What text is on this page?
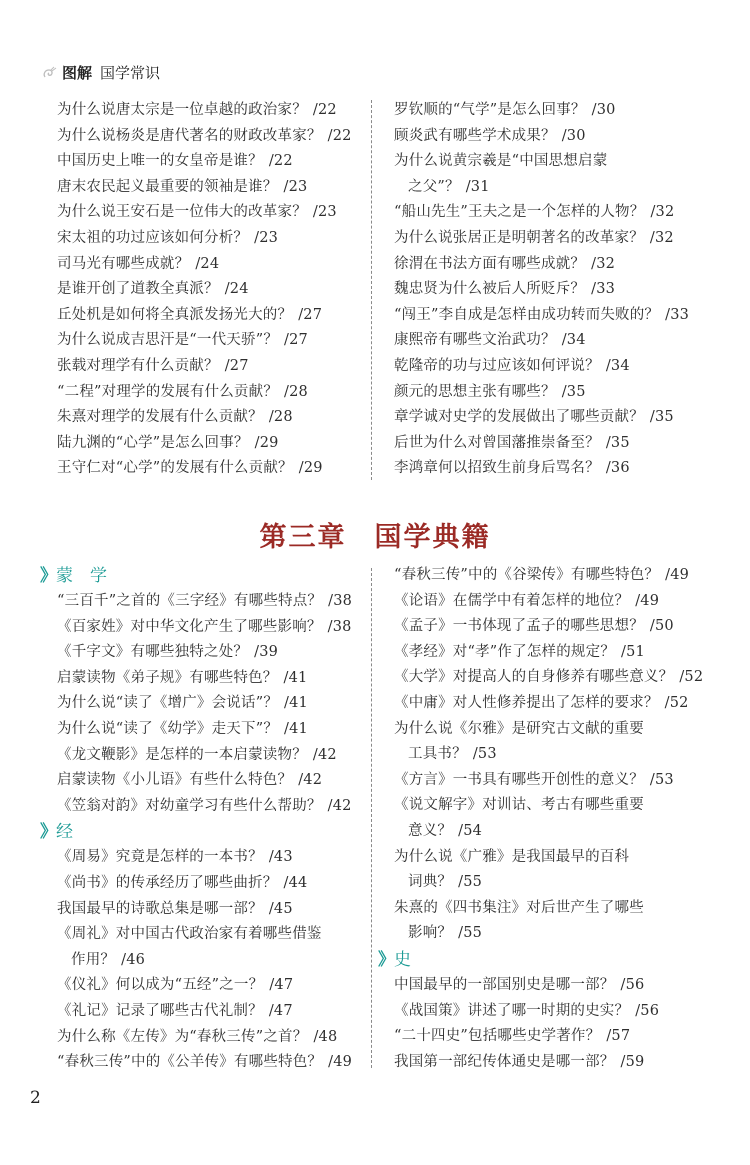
图解 国学常识
为什么说唐太宗是一位卓越的政治家？ /22
为什么说杨炎是唐代著名的财政改革家？ /22
中国历史上唯一的女皇帝是谁？ /22
唐末农民起义最重要的领袖是谁？ /23
为什么说王安石是一位伟大的改革家？ /23
宋太祖的功过应该如何分析？ /23
司马光有哪些成就？ /24
是谁开创了道教全真派？ /24
丘处机是如何将全真派发扬光大的？ /27
为什么说成吉思汗是“一代天骄”？ /27
张载对理学有什么贡献？ /27
“二程”对理学的发展有什么贡献？ /28
朱熹对理学的发展有什么贡献？ /28
陆九渊的“心学”是怎么回事？ /29
王守仁对“心学”的发展有什么贡献？ /29
罗钦顺的“气学”是怎么回事？ /30
顾炎武有哪些学术成果？ /30
为什么说黄宗羲是“中国思想启蒙
之父”？ /31
“船山先生”王夫之是一个怎样的人物？ /32
为什么说张居正是明朝著名的改革家？ /32
徐渭在书法方面有哪些成就？ /32
魏忠贤为什么被后人所贬斥？ /33
“闯王”李自成是怎样由成功转而失败的？ /33
康熙帝有哪些文治武功？ /34
乾隆帝的功与过应该如何评说？ /34
颜元的思想主张有哪些？ /35
章学诚对史学的发展做出了哪些贡献？ /35
后世为什么对曾国藩推崇备至？ /35
李鸿章何以招致生前身后骂名？ /36
第三章 国学典籍
》 蒙　学
“三百千”之首的《三字经》有哪些特点？ /38
《百家姓》对中华文化产生了哪些影响？ /38
《千字文》有哪些独特之处？ /39
启蒙读物《弟子规》有哪些特色？ /41
为什么说“读了《增广》会说话”？ /41
为什么说“读了《幼学》走天下”？ /41
《龙文鞭影》是怎样的一本启蒙读物？ /42
启蒙读物《小儿语》有些什么特色？ /42
《笠翁对韵》对幼童学习有些什么帮助？ /42
》 经
《周易》究竟是怎样的一本书？ /43
《尚书》的传承经历了哪些曲折？ /44
我国最早的诗歌总集是哪一部？ /45
《周礼》对中国古代政治家有着哪些借鉴
作用？ /46
《仪礼》何以成为“五经”之一？ /47
《礼记》记录了哪些古代礼制？ /47
为什么称《左传》为“春秋三传”之首？ /48
“春秋三传”中的《公羊传》有哪些特色？ /49
“春秋三传”中的《谷梁传》有哪些特色？ /49
《论语》在儒学中有着怎样的地位？ /49
《孟子》一书体现了孟子的哪些思想？ /50
《孝经》对“孝”作了怎样的规定？ /51
《大学》对提高人的自身修养有哪些意义？ /52
《中庸》对人性修养提出了怎样的要求？ /52
为什么说《尔雅》是研究古文献的重要
工具书？ /53
《方言》一书具有哪些开创性的意义？ /53
《说文解字》对训诂、考古有哪些重要
意义？ /54
为什么说《广雅》是我国最早的百科
词典？ /55
朱熹的《四书集注》对后世产生了哪些
影响？ /55
》 史
中国最早的一部国别史是哪一部？ /56
《战国策》讲述了哪一时期的史实？ /56
“二十四史”包括哪些史学著作？ /57
我国第一部纪传体通史是哪一部？ /59
2
